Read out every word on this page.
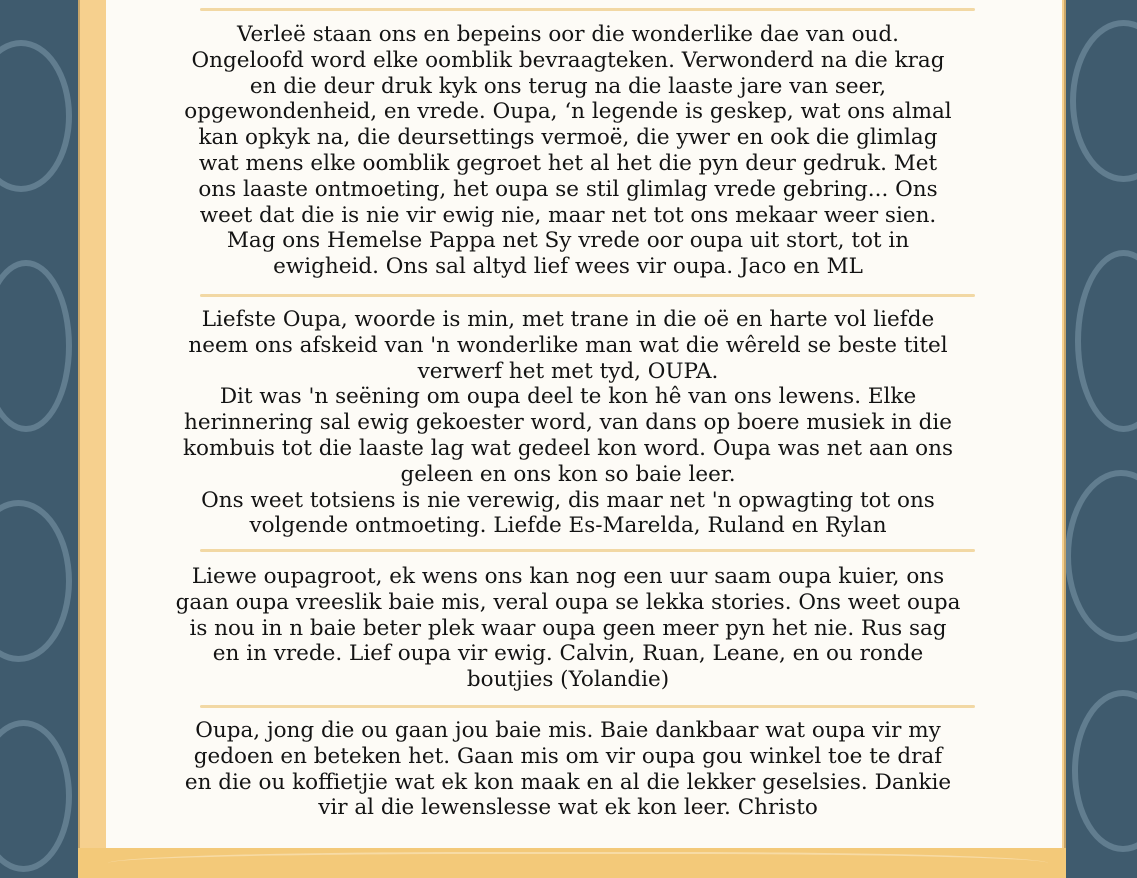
Verleë staan ons en bepeins oor die wonderlike dae van oud.
Ongeloofd word elke oomblik bevraagteken. Verwonderd na die krag
en die deur druk kyk ons terug na die laaste jare van seer,
opgewondenheid, en vrede. Oupa, ‘n legende is geskep, wat ons almal
kan opkyk na, die deursettings vermoë, die ywer en ook die glimlag
wat mens elke oomblik gegroet het al het die pyn deur gedruk. Met
ons laaste ontmoeting, het oupa se stil glimlag vrede gebring... Ons
weet dat die is nie vir ewig nie, maar net tot ons mekaar weer sien.
Mag ons Hemelse Pappa net Sy vrede oor oupa uit stort, tot in
ewigheid. Ons sal altyd lief wees vir oupa. Jaco en ML

Liefste Oupa, woorde is min, met trane in die oë en harte vol liefde
neem ons afskeid van 'n wonderlike man wat die wêreld se beste titel
verwerf het met tyd, OUPA.
Dit was 'n seëning om oupa deel te kon hê van ons lewens. Elke
herinnering sal ewig gekoester word, van dans op boere musiek in die
kombuis tot die laaste lag wat gedeel kon word. Oupa was net aan ons
geleen en ons kon so baie leer.
Ons weet totsiens is nie verewig, dis maar net 'n opwagting tot ons
volgende ontmoeting. Liefde Es-Marelda, Ruland en Rylan

Liewe oupagroot, ek wens ons kan nog een uur saam oupa kuier, ons
gaan oupa vreeslik baie mis, veral oupa se lekka stories. Ons weet oupa
is nou in n baie beter plek waar oupa geen meer pyn het nie. Rus sag
en in vrede. Lief oupa vir ewig. Calvin, Ruan, Leane, en ou ronde
boutjies (Yolandie)

Oupa, jong die ou gaan jou baie mis. Baie dankbaar wat oupa vir my
gedoen en beteken het. Gaan mis om vir oupa gou winkel toe te draf
en die ou koffietjie wat ek kon maak en al die lekker geselsies. Dankie
vir al die lewenslesse wat ek kon leer. Christo
